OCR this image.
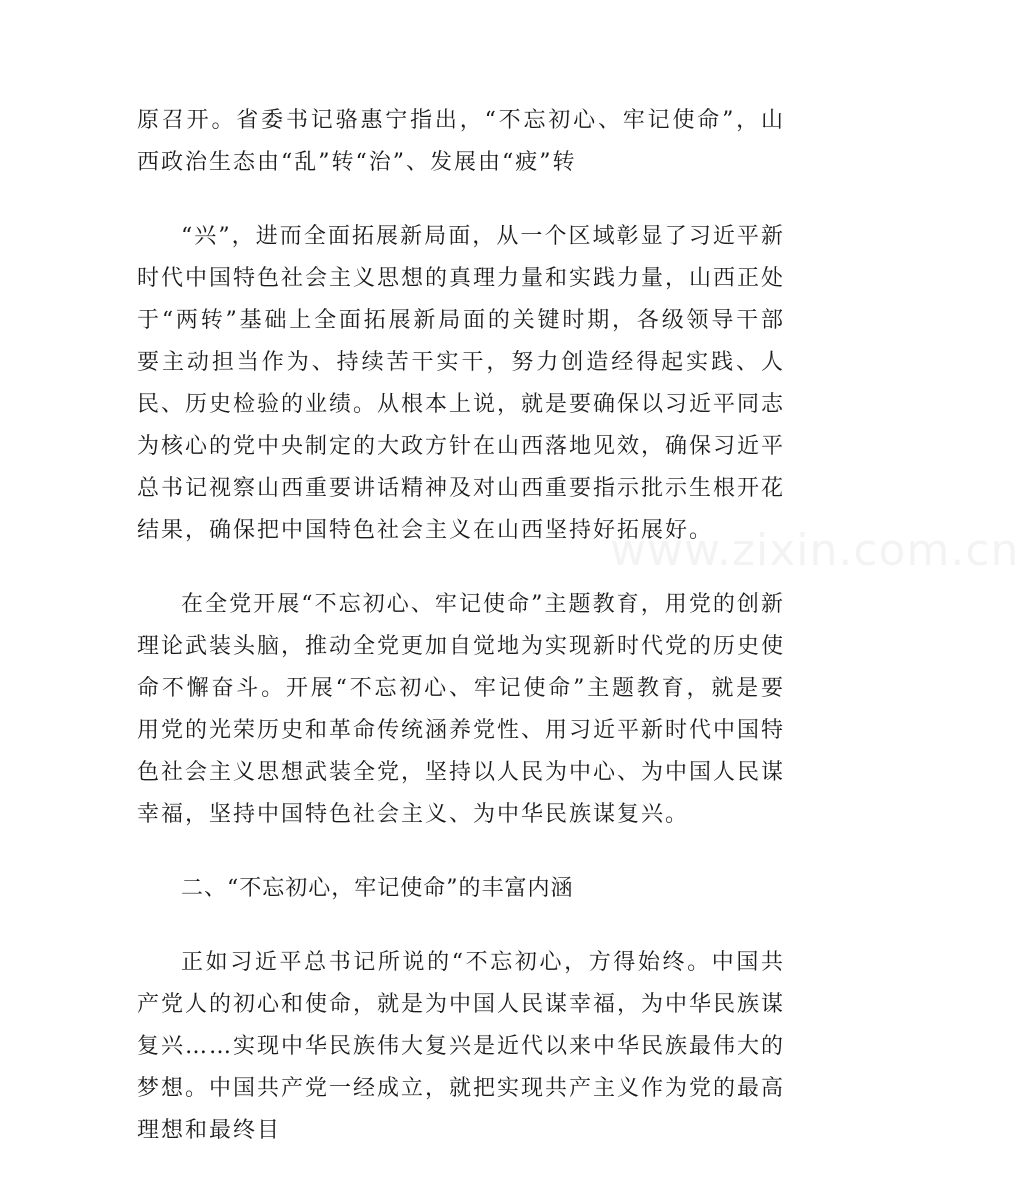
原召开。省委书记骆惠宁指出，“不忘初心、牢记使命”，山西政治生态由“乱”转“治”、发展由“疲”转

“兴”，进而全面拓展新局面，从一个区域彰显了习近平新时代中国特色社会主义思想的真理力量和实践力量，山西正处于“两转”基础上全面拓展新局面的关键时期，各级领导干部要主动担当作为、持续苦干实干，努力创造经得起实践、人民、历史检验的业绩。从根本上说，就是要确保以习近平同志为核心的党中央制定的大政方针在山西落地见效，确保习近平总书记视察山西重要讲话精神及对山西重要指示批示生根开花结果，确保把中国特色社会主义在山西坚持好拓展好。

在全党开展“不忘初心、牢记使命”主题教育，用党的创新理论武装头脑，推动全党更加自觉地为实现新时代党的历史使命不懈奋斗。开展“不忘初心、牢记使命”主题教育，就是要用党的光荣历史和革命传统涵养党性、用习近平新时代中国特色社会主义思想武装全党，坚持以人民为中心、为中国人民谋幸福，坚持中国特色社会主义、为中华民族谋复兴。

二、“不忘初心，牢记使命”的丰富内涵

正如习近平总书记所说的“不忘初心，方得始终。中国共产党人的初心和使命，就是为中国人民谋幸福，为中华民族谋复兴……实现中华民族伟大复兴是近代以来中华民族最伟大的梦想。中国共产党一经成立，就把实现共产主义作为党的最高理想和最终目

www.zixin.com.cn
